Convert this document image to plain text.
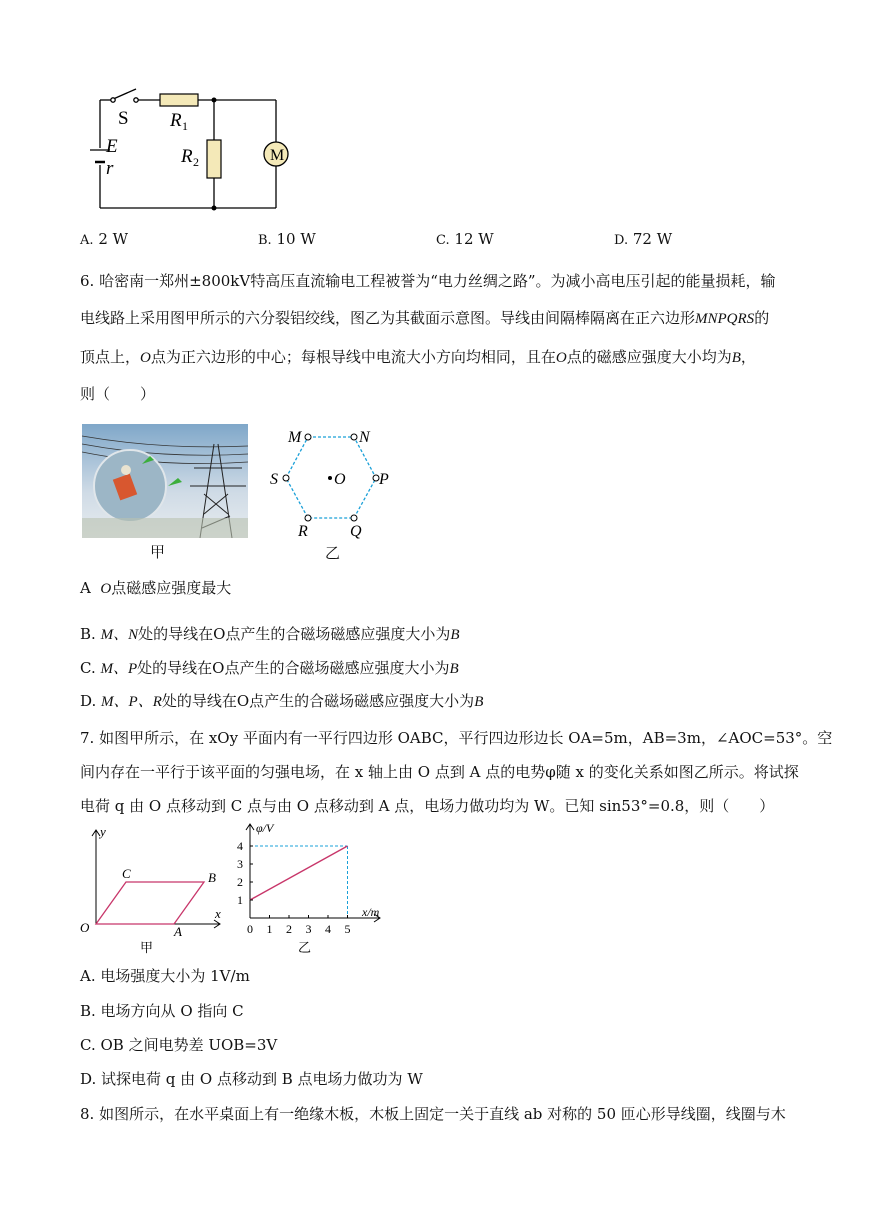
M
S R 1
R 2
E
r
A. 2 W	B. 10 W	C. 12 W	D. 72 W
6. 哈密南一郑州±800kV特高压直流输电工程被誉为“电力丝绸之路”。为减小高电压引起的能量损耗，输
电线路上采用图甲所示的六分裂铝绞线，图乙为其截面示意图。导线由间隔棒隔离在正六边形MNPQRS的
顶点上，O点为正六边形的中心；每根导线中电流大小方向均相同，且在O点的磁感应强度大小均为B，
则（　　）
甲
M	N
P
Q
R
S	O
乙
A O点磁感应强度最大
B. M、N处的导线在O点产生的合磁场磁感应强度大小为B
C. M、P处的导线在O点产生的合磁场磁感应强度大小为B
D. M、P、R处的导线在O点产生的合磁场磁感应强度大小为B
7. 如图甲所示，在 xOy 平面内有一平行四边形 OABC，平行四边形边长 OA=5m，AB=3m，∠AOC=53°。空
间内存在一平行于该平面的匀强电场，在 x 轴上由 O 点到 A 点的电势φ随 x 的变化关系如图乙所示。将试探
电荷 q 由 O 点移动到 C 点与由 O 点移动到 A 点，电场力做功均为 W。已知 sin53°=0.8，则（　　）
y
x
O
C	B
A
甲
0 1 2 3 4 5
1
2
3
4
φ/V
x/m
乙
A. 电场强度大小为 1V/m
B. 电场方向从 O 指向 C
C. OB 之间电势差 UOB=3V
D. 试探电荷 q 由 O 点移动到 B 点电场力做功为 W
8. 如图所示，在水平桌面上有一绝缘木板，木板上固定一关于直线 ab 对称的 50 匝心形导线圈，线圈与木
